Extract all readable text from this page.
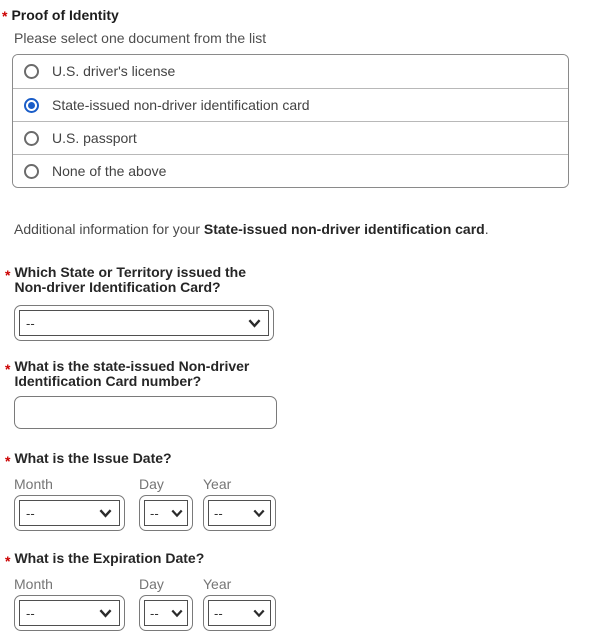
* Proof of Identity
Please select one document from the list
U.S. driver's license
State-issued non-driver identification card
U.S. passport
None of the above

Additional information for your State-issued non-driver identification card.

* Which State or Territory issued the Non-driver Identification Card?
--
* What is the state-issued Non-driver Identification Card number?
* What is the Issue Date?
Month	Day	Year
--	--	--
* What is the Expiration Date?
Month	Day	Year
--	--	--
